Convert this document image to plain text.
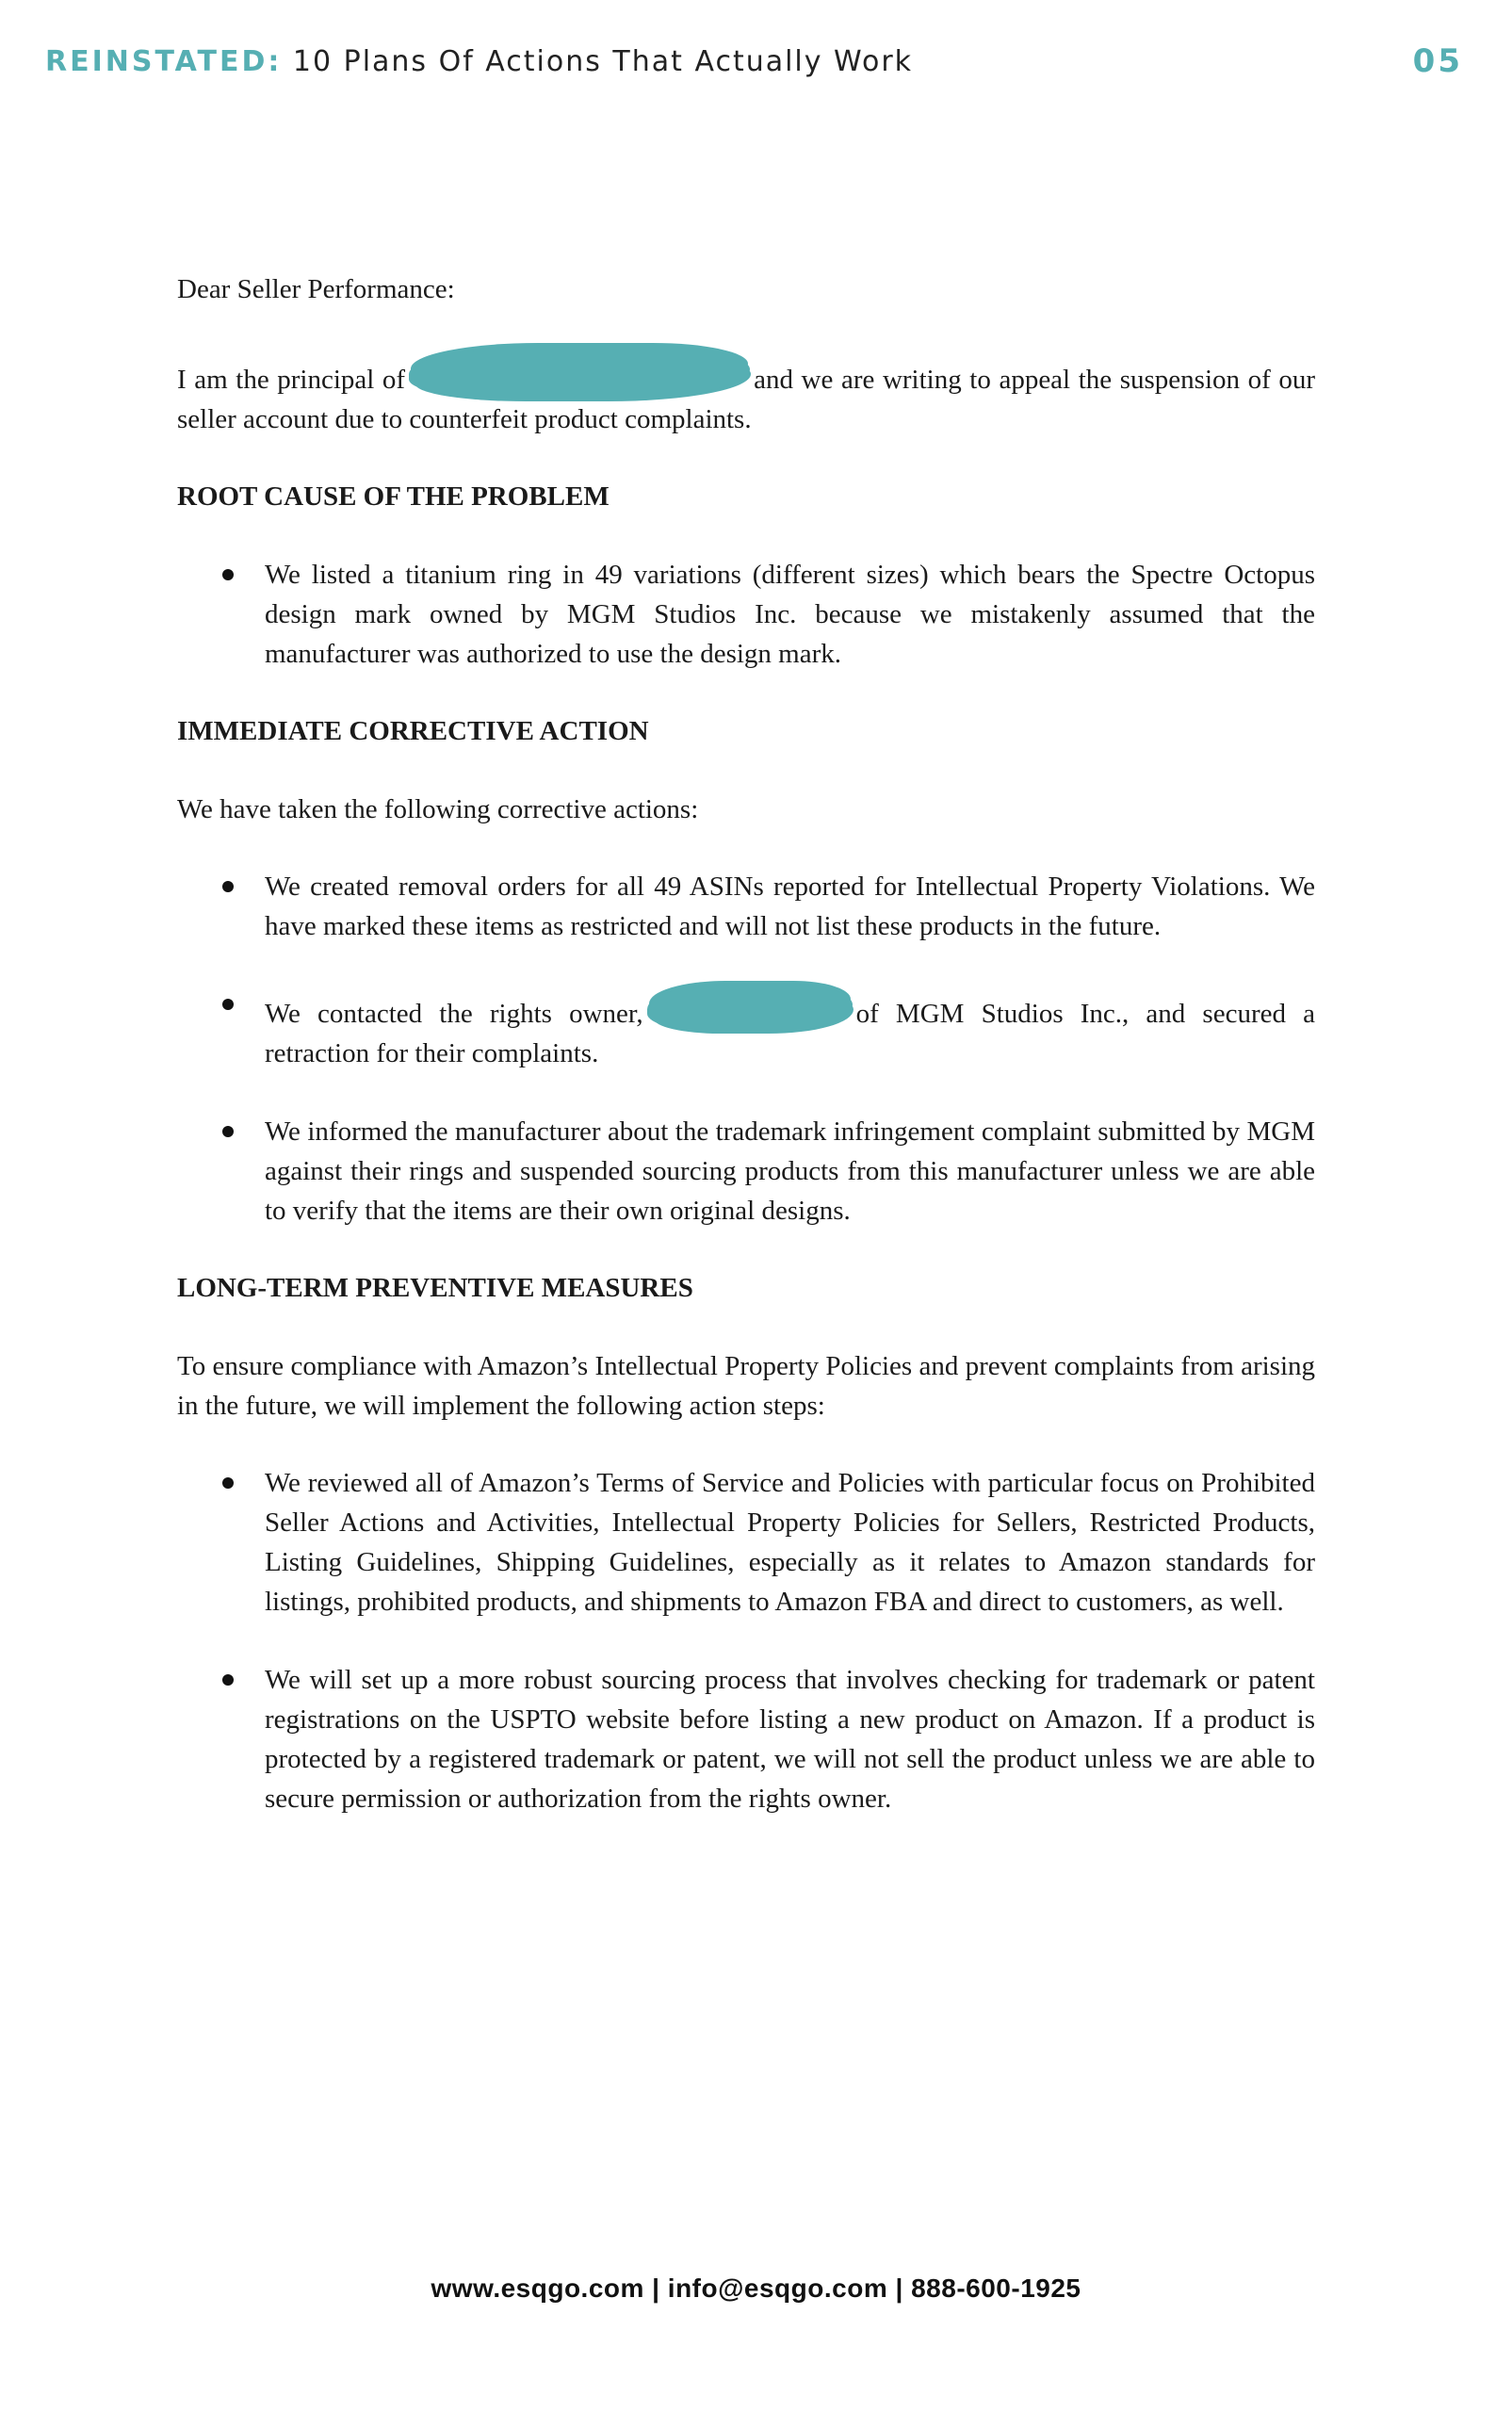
REINSTATED: 10 Plans Of Actions That Actually Work	05

Dear Seller Performance:

I am the principal of	and we are writing to appeal the suspension of our seller account due to counterfeit product complaints.

ROOT CAUSE OF THE PROBLEM
We listed a titanium ring in 49 variations (different sizes) which bears the Spectre Octopus design mark owned by MGM Studios Inc. because we mistakenly assumed that the manufacturer was authorized to use the design mark.
IMMEDIATE CORRECTIVE ACTION

We have taken the following corrective actions:

We created removal orders for all 49 ASINs reported for Intellectual Property Violations. We have marked these items as restricted and will not list these products in the future.
We contacted the rights owner,	of MGM Studios Inc., and secured a retraction for their complaints.
We informed the manufacturer about the trademark infringement complaint submitted by MGM against their rings and suspended sourcing products from this manufacturer unless we are able to verify that the items are their own original designs.
LONG-TERM PREVENTIVE MEASURES

To ensure compliance with Amazon’s Intellectual Property Policies and prevent complaints from arising in the future, we will implement the following action steps:

We reviewed all of Amazon’s Terms of Service and Policies with particular focus on Prohibited Seller Actions and Activities, Intellectual Property Policies for Sellers, Restricted Products, Listing Guidelines, Shipping Guidelines, especially as it relates to Amazon standards for listings, prohibited products, and shipments to Amazon FBA and direct to customers, as well.
We will set up a more robust sourcing process that involves checking for trademark or patent registrations on the USPTO website before listing a new product on Amazon. If a product is protected by a registered trademark or patent, we will not sell the product unless we are able to secure permission or authorization from the rights owner.
www.esqgo.com | info@esqgo.com | 888-600-1925
